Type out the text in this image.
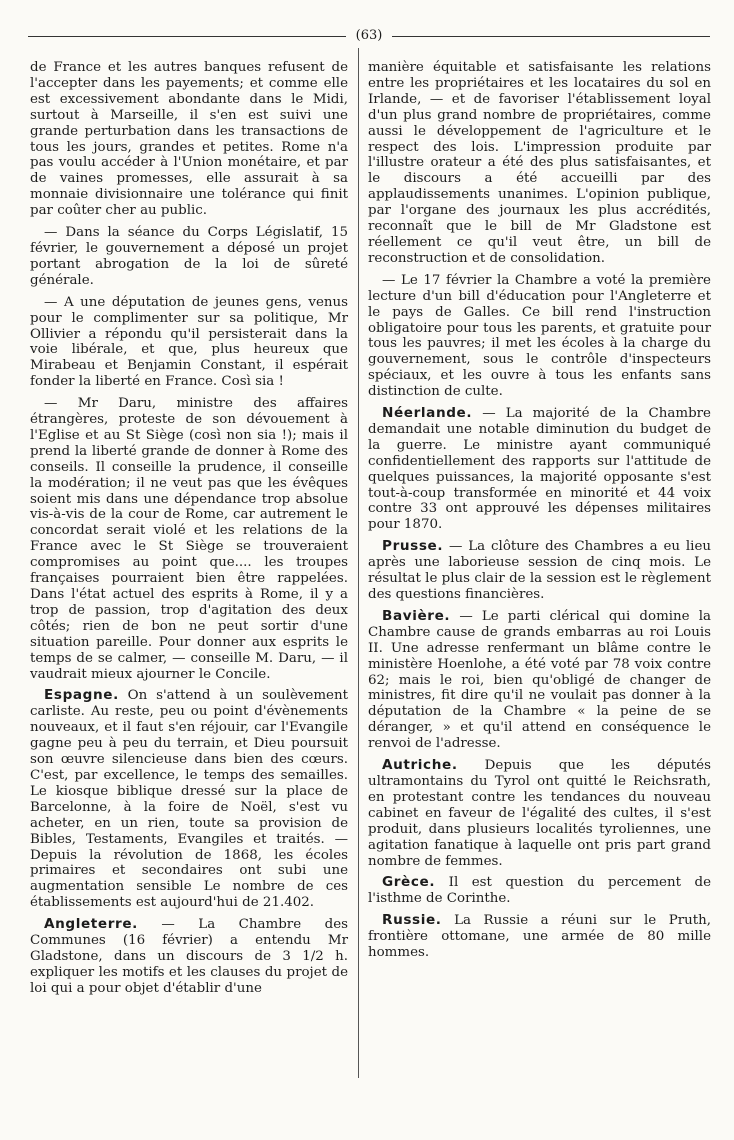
(63)

de France et les autres banques refusent de l'accepter dans les payements; et comme elle est excessivement abondante dans le Midi, surtout à Marseille, il s'en est suivi une grande perturbation dans les transactions de tous les jours, grandes et petites. Rome n'a pas voulu accéder à l'Union monétaire, et par de vaines promesses, elle assurait à sa monnaie divisionnaire une tolérance qui finit par coûter cher au public.

— Dans la séance du Corps Législatif, 15 février, le gouvernement a déposé un projet portant abrogation de la loi de sûreté générale.

— A une députation de jeunes gens, venus pour le complimenter sur sa politique, Mr Ollivier a répondu qu'il persisterait dans la voie libérale, et que, plus heureux que Mirabeau et Benjamin Constant, il espérait fonder la liberté en France. Così sia !

— Mr Daru, ministre des affaires étrangères, proteste de son dévouement à l'Eglise et au St Siège (così non sia !); mais il prend la liberté grande de donner à Rome des conseils. Il conseille la prudence, il conseille la modération; il ne veut pas que les évêques soient mis dans une dépendance trop absolue vis-à-vis de la cour de Rome, car autrement le concordat serait violé et les relations de la France avec le St Siège se trouveraient compromises au point que.... les troupes françaises pourraient bien être rappelées. Dans l'état actuel des esprits à Rome, il y a trop de passion, trop d'agitation des deux côtés; rien de bon ne peut sortir d'une situation pareille. Pour donner aux esprits le temps de se calmer, — conseille M. Daru, — il vaudrait mieux ajourner le Concile.

Espagne. On s'attend à un soulèvement carliste. Au reste, peu ou point d'évènements nouveaux, et il faut s'en réjouir, car l'Evangile gagne peu à peu du terrain, et Dieu poursuit son œuvre silencieuse dans bien des cœurs. C'est, par excellence, le temps des semailles. Le kiosque biblique dressé sur la place de Barcelonne, à la foire de Noël, s'est vu acheter, en un rien, toute sa provision de Bibles, Testaments, Evangiles et traités. — Depuis la révolution de 1868, les écoles primaires et secondaires ont subi une augmentation sensible Le nombre de ces établissements est aujourd'hui de 21.402.

Angleterre. — La Chambre des Communes (16 février) a entendu Mr Gladstone, dans un discours de 3 1/2 h. expliquer les motifs et les clauses du projet de loi qui a pour objet d'établir d'une

manière équitable et satisfaisante les relations entre les propriétaires et les locataires du sol en Irlande, — et de favoriser l'établissement loyal d'un plus grand nombre de propriétaires, comme aussi le développement de l'agriculture et le respect des lois. L'impression produite par l'illustre orateur a été des plus satisfaisantes, et le discours a été accueilli par des applaudissements unanimes. L'opinion publique, par l'organe des journaux les plus accrédités, reconnaît que le bill de Mr Gladstone est réellement ce qu'il veut être, un bill de reconstruction et de consolidation.

— Le 17 février la Chambre a voté la première lecture d'un bill d'éducation pour l'Angleterre et le pays de Galles. Ce bill rend l'instruction obligatoire pour tous les parents, et gratuite pour tous les pauvres; il met les écoles à la charge du gouvernement, sous le contrôle d'inspecteurs spéciaux, et les ouvre à tous les enfants sans distinction de culte.

Néerlande. — La majorité de la Chambre demandait une notable diminution du budget de la guerre. Le ministre ayant communiqué confidentiellement des rapports sur l'attitude de quelques puissances, la majorité opposante s'est tout-à-coup transformée en minorité et 44 voix contre 33 ont approuvé les dépenses militaires pour 1870.

Prusse. — La clôture des Chambres a eu lieu après une laborieuse session de cinq mois. Le résultat le plus clair de la session est le règlement des questions financières.

Bavière. — Le parti clérical qui domine la Chambre cause de grands embarras au roi Louis II. Une adresse renfermant un blâme contre le ministère Hoenlohe, a été voté par 78 voix contre 62; mais le roi, bien qu'obligé de changer de ministres, fit dire qu'il ne voulait pas donner à la députation de la Chambre « la peine de se déranger, » et qu'il attend en conséquence le renvoi de l'adresse.

Autriche. Depuis que les députés ultramontains du Tyrol ont quitté le Reichsrath, en protestant contre les tendances du nouveau cabinet en faveur de l'égalité des cultes, il s'est produit, dans plusieurs localités tyroliennes, une agitation fanatique à laquelle ont pris part grand nombre de femmes.

Grèce. Il est question du percement de l'isthme de Corinthe.

Russie. La Russie a réuni sur le Pruth, frontière ottomane, une armée de 80 mille hommes.
